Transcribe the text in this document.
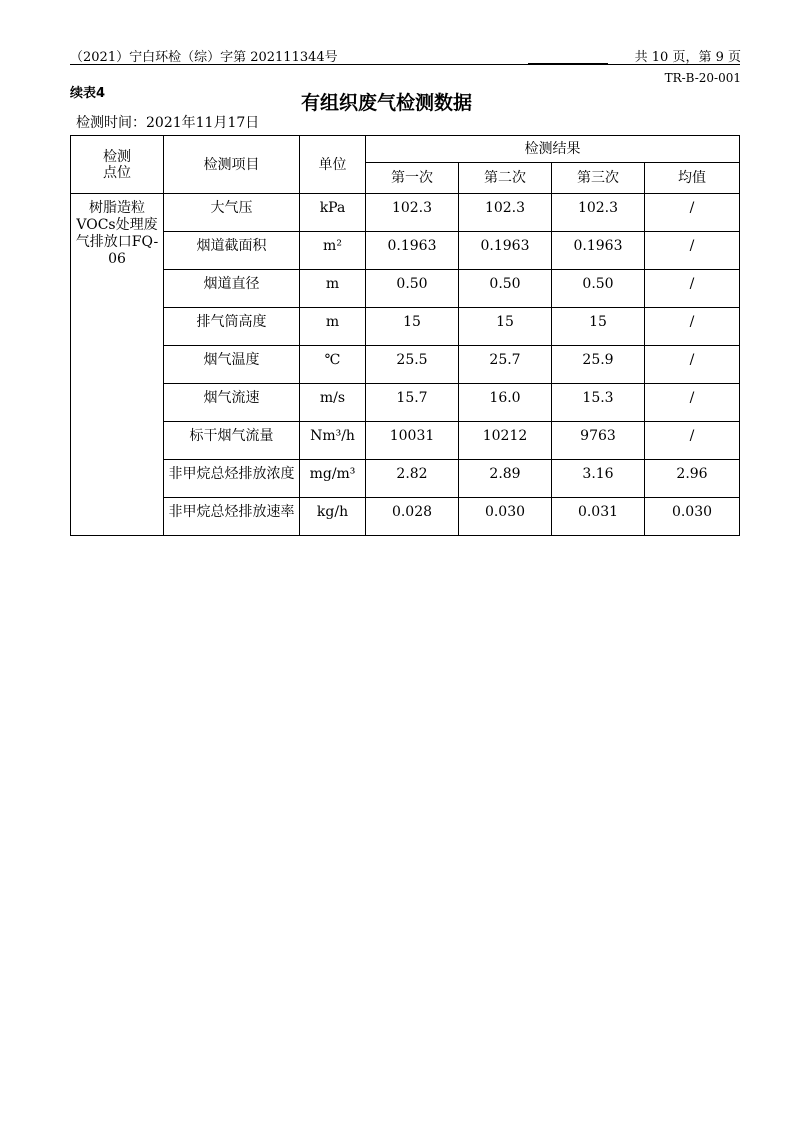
（2021）宁白环检（综）字第 202111344号	共 10 页，第 9 页
TR-B-20-001
续表4	有组织废气检测数据
检测时间：2021年11月17日
检测
点位	检测项目	单位	检测结果			
			第一次	第二次	第三次	均值
树脂造粒VOCs处理废气排放口FQ-06	大气压	kPa	102.3	102.3	102.3	/
	烟道截面积	m²	0.1963	0.1963	0.1963	/
	烟道直径	m	0.50	0.50	0.50	/
	排气筒高度	m	15	15	15	/
	烟气温度	℃	25.5	25.7	25.9	/
	烟气流速	m/s	15.7	16.0	15.3	/
	标干烟气流量	Nm³/h	10031	10212	9763	/
	非甲烷总烃排放浓度	mg/m³	2.82	2.89	3.16	2.96
	非甲烷总烃排放速率	kg/h	0.028	0.030	0.031	0.030
